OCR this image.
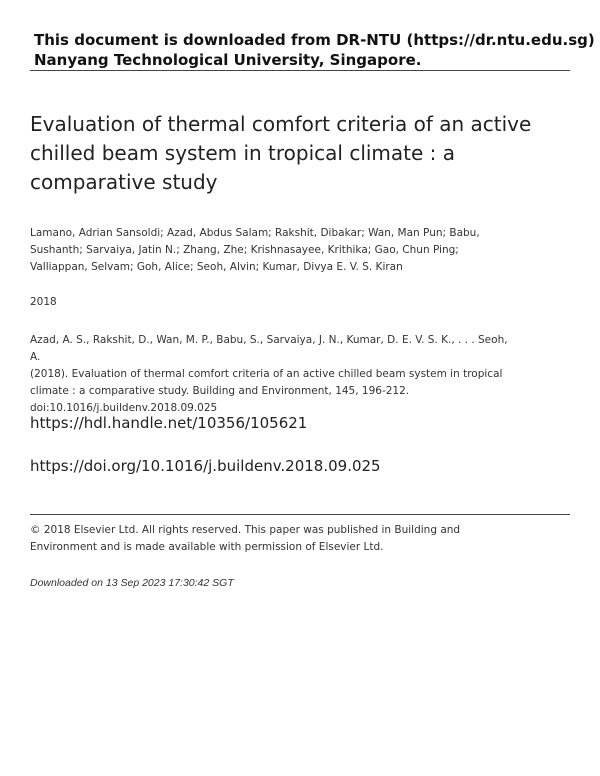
This document is downloaded from DR-NTU (https://dr.ntu.edu.sg)
Nanyang Technological University, Singapore.
Evaluation of thermal comfort criteria of an active
chilled beam system in tropical climate : a
comparative study
Lamano, Adrian Sansoldi; Azad, Abdus Salam; Rakshit, Dibakar; Wan, Man Pun; Babu,
Sushanth; Sarvaiya, Jatin N.; Zhang, Zhe; Krishnasayee, Krithika; Gao, Chun Ping;
Valliappan, Selvam; Goh, Alice; Seoh, Alvin; Kumar, Divya E. V. S. Kiran
2018
Azad, A. S., Rakshit, D., Wan, M. P., Babu, S., Sarvaiya, J. N., Kumar, D. E. V. S. K., . . . Seoh, A.
(2018). Evaluation of thermal comfort criteria of an active chilled beam system in tropical
climate : a comparative study. Building and Environment, 145, 196-212.
doi:10.1016/j.buildenv.2018.09.025
https://hdl.handle.net/10356/105621
https://doi.org/10.1016/j.buildenv.2018.09.025
© 2018 Elsevier Ltd. All rights reserved. This paper was published in Building and
Environment and is made available with permission of Elsevier Ltd.
Downloaded on 13 Sep 2023 17:30:42 SGT
